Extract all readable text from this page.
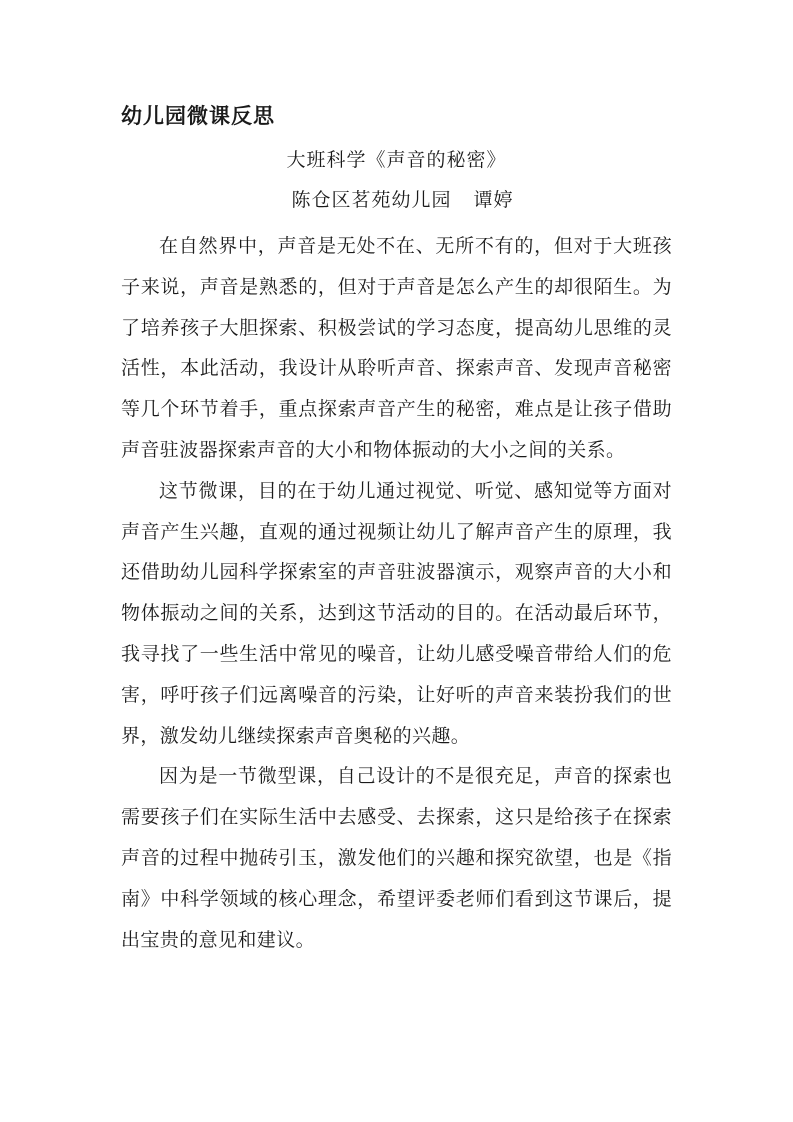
幼儿园微课反思

大班科学《声音的秘密》

陈仓区茗苑幼儿园 谭婷

在自然界中，声音是无处不在、无所不有的，但对于大班孩子来说，声音是熟悉的，但对于声音是怎么产生的却很陌生。为了培养孩子大胆探索、积极尝试的学习态度，提高幼儿思维的灵活性，本此活动，我设计从聆听声音、探索声音、发现声音秘密等几个环节着手，重点探索声音产生的秘密，难点是让孩子借助声音驻波器探索声音的大小和物体振动的大小之间的关系。

这节微课，目的在于幼儿通过视觉、听觉、感知觉等方面对声音产生兴趣，直观的通过视频让幼儿了解声音产生的原理，我还借助幼儿园科学探索室的声音驻波器演示，观察声音的大小和物体振动之间的关系，达到这节活动的目的。在活动最后环节，我寻找了一些生活中常见的噪音，让幼儿感受噪音带给人们的危害，呼吁孩子们远离噪音的污染，让好听的声音来装扮我们的世界，激发幼儿继续探索声音奥秘的兴趣。

因为是一节微型课，自己设计的不是很充足，声音的探索也需要孩子们在实际生活中去感受、去探索，这只是给孩子在探索声音的过程中抛砖引玉，激发他们的兴趣和探究欲望，也是《指南》中科学领域的核心理念，希望评委老师们看到这节课后，提出宝贵的意见和建议。
